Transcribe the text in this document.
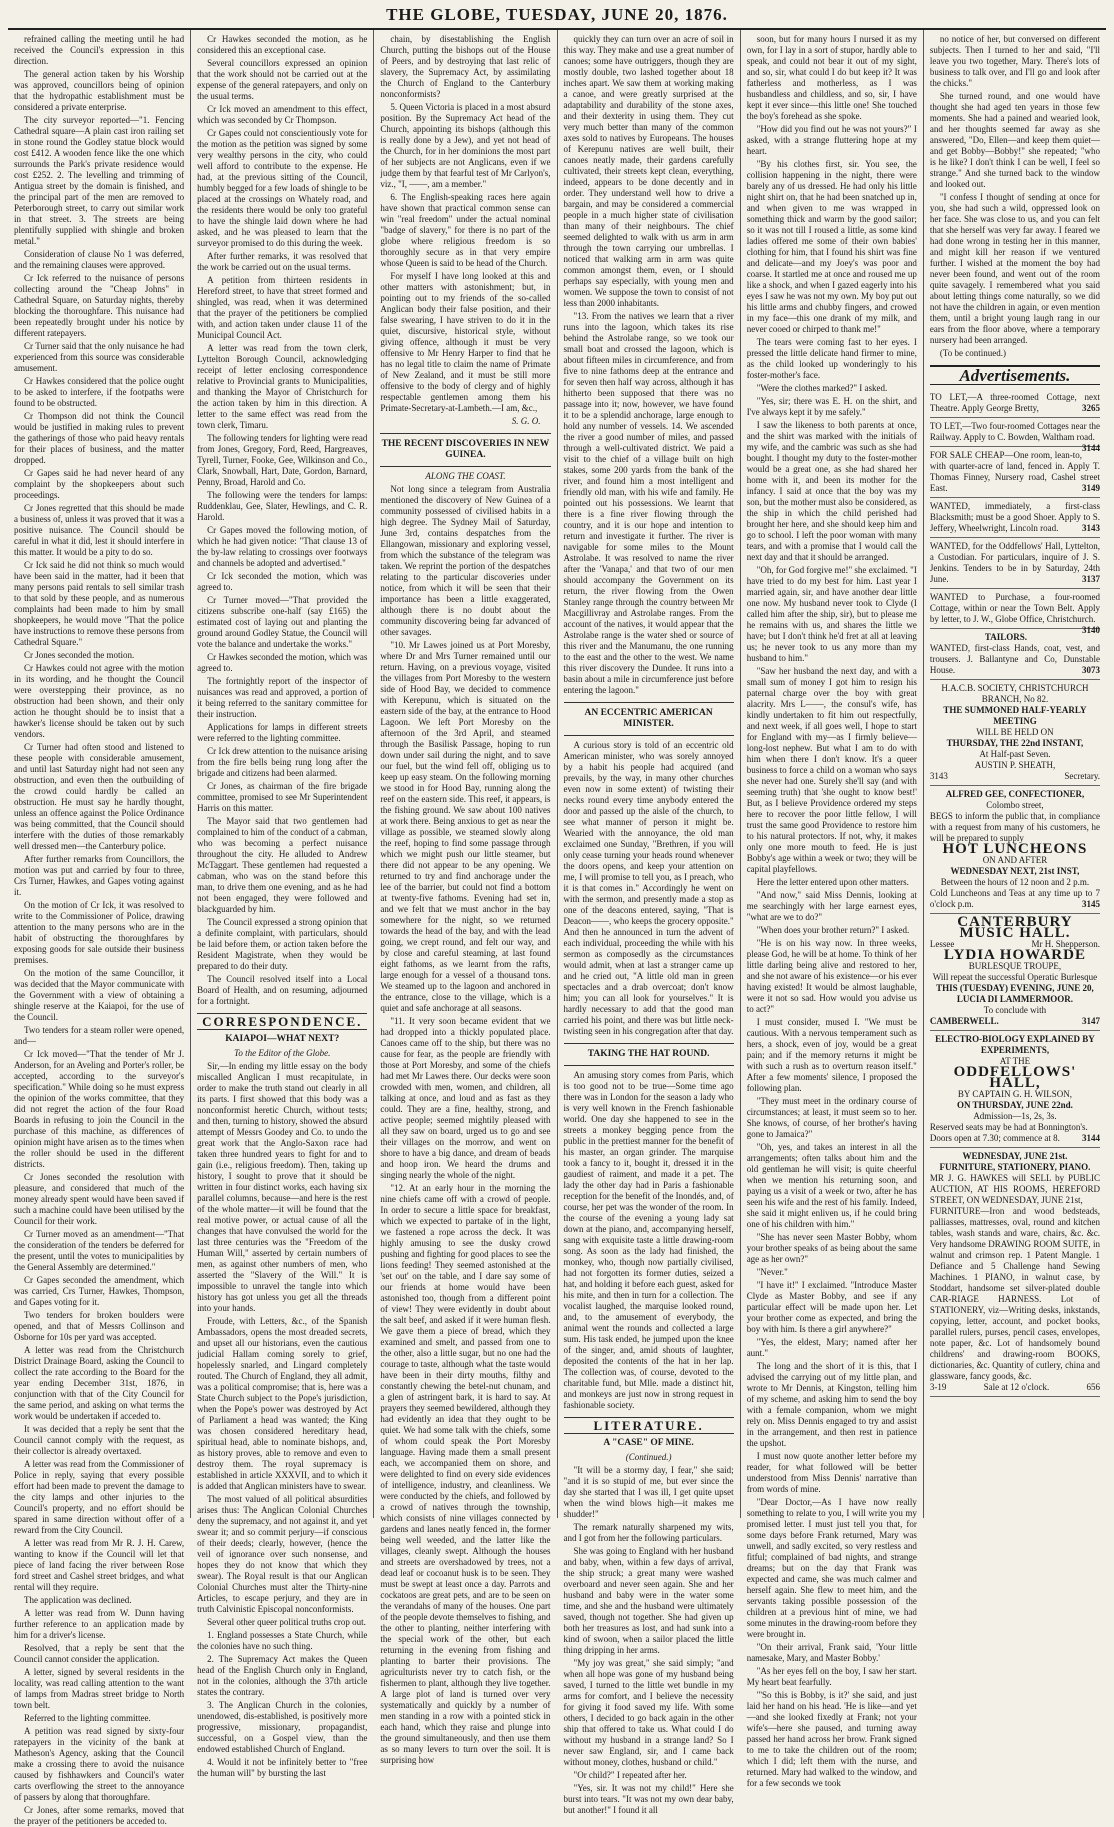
THE GLOBE, TUESDAY, JUNE 20, 1876.

refrained calling the meeting until he had received the Council's expression in this direction.

The general action taken by his Worship was approved, councillors being of opinion that the hydropathic establishment must be considered a private enterprise.

The city surveyor reported—"1. Fencing Cathedral square—A plain cast iron railing set in stone round the Godley statue block would cost £412. A wooden fence like the one which surrounds the Park's private residence would cost £252. 2. The levelling and trimming of Antigua street by the domain is finished, and the principal part of the men are removed to Peterborough street, to carry out similar work in that street. 3. The streets are being plentifully supplied with shingle and broken metal."

Consideration of clause No 1 was deferred, and the remaining clauses were approved.

Cr Ick referred to the nuisance of persons collecting around the "Cheap Johns" in Cathedral Square, on Saturday nights, thereby blocking the thoroughfare. This nuisance had been repeatedly brought under his notice by different ratepayers.

Cr Turner said that the only nuisance he had experienced from this source was considerable amusement.

Cr Hawkes considered that the police ought to be asked to interfere, if the footpaths were found to be obstructed.

Cr Thompson did not think the Council would be justified in making rules to prevent the gatherings of those who paid heavy rentals for their places of business, and the matter dropped.

Cr Gapes said he had never heard of any complaint by the shopkeepers about such proceedings.

Cr Jones regretted that this should be made a business of, unless it was proved that it was a positive nuisance. The Council should be careful in what it did, lest it should interfere in this matter. It would be a pity to do so.

Cr Ick said he did not think so much would have been said in the matter, had it been that many persons paid rentals to sell similar trash to that sold by these people, and as numerous complaints had been made to him by small shopkeepers, he would move "That the police have instructions to remove these persons from Cathedral Square."

Cr Jones seconded the motion.

Cr Hawkes could not agree with the motion in its wording, and he thought the Council were overstepping their province, as no obstruction had been shown, and their only action he thought should be to insist that a hawker's license should be taken out by such vendors.

Cr Turner had often stood and listened to these people with considerable amusement, and until last Saturday night had not seen any obstruction, and even then the outbuilding of the crowd could hardly be called an obstruction. He must say he hardly thought, unless an offence against the Police Ordinance was being committed, that the Council should interfere with the duties of those remarkably well dressed men—the Canterbury police.

After further remarks from Councillors, the motion was put and carried by four to three, Crs Turner, Hawkes, and Gapes voting against it.

On the motion of Cr Ick, it was resolved to write to the Commissioner of Police, drawing attention to the many persons who are in the habit of obstructing the thoroughfares by exposing goods for sale outside their business premises.

On the motion of the same Councillor, it was decided that the Mayor communicate with the Government with a view of obtaining a shingle reserve at the Kaiapoi, for the use of the Council.

Two tenders for a steam roller were opened, and—

Cr Ick moved—"That the tender of Mr J. Anderson, for an Aveling and Porter's roller, be accepted, according to the surveyor's specification." While doing so he must express the opinion of the works committee, that they did not regret the action of the four Road Boards in refusing to join the Council in the purchase of this machine, as differences of opinion might have arisen as to the times when the roller should be used in the different districts.

Cr Jones seconded the resolution with pleasure, and considered that much of the money already spent would have been saved if such a machine could have been utilised by the Council for their work.

Cr Turner moved as an amendment—"That the consideration of the tenders be deferred for the present, until the votes to municipalities by the General Assembly are determined."

Cr Gapes seconded the amendment, which was carried, Crs Turner, Hawkes, Thompson, and Gapes voting for it.

Two tenders for broken boulders were opened, and that of Messrs Collinson and Osborne for 10s per yard was accepted.

A letter was read from the Christchurch District Drainage Board, asking the Council to collect the rate according to the Board for the year ending December 31st, 1876, in conjunction with that of the City Council for the same period, and asking on what terms the work would be undertaken if acceded to.

It was decided that a reply be sent that the Council cannot comply with the request, as their collector is already overtaxed.

A letter was read from the Commissioner of Police in reply, saying that every possible effort had been made to prevent the damage to the city lamps and other injuries to the Council's property, and no effort should be spared in same direction without offer of a reward from the City Council.

A letter was read from Mr R. J. H. Carew, wanting to know if the Council will let that piece of land facing the river between Rose ford street and Cashel street bridges, and what rental will they require.

The application was declined.

A letter was read from W. Dunn having further reference to an application made by him for a driver's license.

Resolved, that a reply be sent that the Council cannot consider the application.

A letter, signed by several residents in the locality, was read calling attention to the want of lamps from Madras street bridge to North town belt.

Referred to the lighting committee.

A petition was read signed by sixty-four ratepayers in the vicinity of the bank at Matheson's Agency, asking that the Council make a crossing there to avoid the nuisance caused by fishhawkers and Council's water carts overflowing the street to the annoyance of passers by along that thoroughfare.

Cr Jones, after some remarks, moved that the prayer of the petitioners be acceded to.

Cr Hawkes seconded the motion, as he considered this an exceptional case.

Several councillors expressed an opinion that the work should not be carried out at the expense of the general ratepayers, and only on the usual terms.

Cr Ick moved an amendment to this effect, which was seconded by Cr Thompson.

Cr Gapes could not conscientiously vote for the motion as the petition was signed by some very wealthy persons in the city, who could well afford to contribute to the expense. He had, at the previous sitting of the Council, humbly begged for a few loads of shingle to be placed at the crossings on Whately road, and the residents there would be only too grateful to have the shingle laid down where he had asked, and he was pleased to learn that the surveyor promised to do this during the week.

After further remarks, it was resolved that the work be carried out on the usual terms.

A petition from thirteen residents in Hereford street, to have that street formed and shingled, was read, when it was determined that the prayer of the petitioners be complied with, and action taken under clause 11 of the Municipal Council Act.

A letter was read from the town clerk, Lyttelton Borough Council, acknowledging receipt of letter enclosing correspondence relative to Provincial grants to Municipalities, and thanking the Mayor of Christchurch for the action taken by him in this direction. A letter to the same effect was read from the town clerk, Timaru.

The following tenders for lighting were read from Jones, Gregory, Ford, Reed, Hargreaves, Tyrell, Turner, Fooke, Gee, Wilkinson and Co., Clark, Snowball, Hart, Date, Gordon, Barnard, Penny, Broad, Harold and Co.

The following were the tenders for lamps: Ruddenklau, Gee, Slater, Hewlings, and C. R. Harold.

Cr Gapes moved the following motion, of which he had given notice: "That clause 13 of the by-law relating to crossings over footways and channels be adopted and advertised."

Cr Ick seconded the motion, which was agreed to.

Cr Turner moved—"That provided the citizens subscribe one-half (say £165) the estimated cost of laying out and planting the ground around Godley Statue, the Council will vote the balance and undertake the works."

Cr Hawkes seconded the motion, which was agreed to.

The fortnightly report of the inspector of nuisances was read and approved, a portion of it being referred to the sanitary committee for their instruction.

Applications for lamps in different streets were referred to the lighting committee.

Cr Ick drew attention to the nuisance arising from the fire bells being rung long after the brigade and citizens had been alarmed.

Cr Jones, as chairman of the fire brigade committee, promised to see Mr Superintendent Harris on this matter.

The Mayor said that two gentlemen had complained to him of the conduct of a cabman, who was becoming a perfect nuisance throughout the city. He alluded to Andrew McTaggart. These gentlemen had requested a cabman, who was on the stand before this man, to drive them one evening, and as he had not been engaged, they were followed and blackguarded by him.

The Council expressed a strong opinion that a definite complaint, with particulars, should be laid before them, or action taken before the Resident Magistrate, when they would be prepared to do their duty.

The Council resolved itself into a Local Board of Health, and on resuming, adjourned for a fortnight.

CORRESPONDENCE.
KAIAPOI—WHAT NEXT?
To the Editor of the Globe.

Sir,—In ending my little essay on the body miscalled Anglican I must recapitulate, in order to make the truth stand out clearly in all its parts. I first showed that this body was a nonconformist heretic Church, without tests; and then, turning to history, showed the absurd attempt of Messrs Goodey and Co. to undo the great work that the Anglo-Saxon race had taken three hundred years to fight for and to gain (i.e., religious freedom). Then, taking up history, I sought to prove that it should be written in four distinct works, each having six parallel columns, because—and here is the rest of the whole matter—it will be found that the real motive power, or actual cause of all the changes that have convulsed the world for the last three centuries was the "Freedom of the Human Will," asserted by certain numbers of men, as against other numbers of men, who asserted the "Slavery of the Will." It is impossible to unravel the tangle into which history has got unless you get all the threads into your hands.

Froude, with Letters, &c., of the Spanish Ambassadors, opens the most dreaded secrets, and upset all our historians, even the cautious judicial Hallam coming sorely to grief, hopelessly snarled, and Lingard completely routed. The Church of England, they all admit, was a political compromise; that is, here was a State Church subject to the Pope's jurisdiction, when the Pope's power was destroyed by Act of Parliament a head was wanted; the King was chosen considered hereditary head, spiritual head, able to nominate bishops, and, as history proves, able to remove and even to destroy them. The royal supremacy is established in article XXXVII, and to which it is added that Anglican ministers have to swear.

The most valued of all political absurdities arises thus: The Anglican Colonial Churches deny the supremacy, and not against it, and yet swear it; and so commit perjury—if conscious of their deeds; clearly, however, (hence the veil of ignorance over such nonsense, and hopes they do not know that which they swear). The Royal result is that our Anglican Colonial Churches must alter the Thirty-nine Articles, to escape perjury, and they are in truth Calvinistic Episcopal nonconformists.

Several other queer political truths crop out.

1. England possesses a State Church, while the colonies have no such thing.

2. The Supremacy Act makes the Queen head of the English Church only in England, not in the colonies, although the 37th article states the contrary.

3. The Anglican Church in the colonies, unendowed, dis-established, is positively more progressive, missionary, propagandist, successful, on a Gospel view, than the endowed established Church of England.

4. Would it not be infinitely better to "free the human will" by bursting the last

chain, by disestablishing the English Church, putting the bishops out of the House of Peers, and by destroying that last relic of slavery, the Supremacy Act, by assimilating the Church of England to the Canterbury nonconformists?

5. Queen Victoria is placed in a most absurd position. By the Supremacy Act head of the Church, appointing its bishops (although this is really done by a Jew), and yet not head of the Church, for in her dominions the most part of her subjects are not Anglicans, even if we judge them by that fearful test of Mr Carlyon's, viz., "I, ——, am a member."

6. The English-speaking races here again have shown that practical common sense can win "real freedom" under the actual nominal "badge of slavery," for there is no part of the globe where religious freedom is so thoroughly secure as in that very empire whose Queen is said to be head of the Church.

For myself I have long looked at this and other matters with astonishment; but, in pointing out to my friends of the so-called Anglican body their false position, and their false swearing, I have striven to do it in the quiet, discursive, historical style, without giving offence, although it must be very offensive to Mr Henry Harper to find that he has no legal title to claim the name of Primate of New Zealand, and it must be still more offensive to the body of clergy and of highly respectable gentlemen among them his Primate-Secretary-at-Lambeth.—I am, &c.,

S. G. O.
THE RECENT DISCOVERIES IN NEW GUINEA.
ALONG THE COAST.

Not long since a telegram from Australia mentioned the discovery of New Guinea of a community possessed of civilised habits in a high degree. The Sydney Mail of Saturday, June 3rd, contains despatches from the Ellangowan, missionary and exploring vessel, from which the substance of the telegram was taken. We reprint the portion of the despatches relating to the particular discoveries under notice, from which it will be seen that their importance has been a little exaggerated, although there is no doubt about the community discovering being far advanced of other savages.

"10. Mr Lawes joined us at Port Moresby, where Dr and Mrs Turner remained until our return. Having, on a previous voyage, visited the villages from Port Moresby to the western side of Hood Bay, we decided to commence with Kerepunu, which is situated on the eastern side of the bay, at the entrance to Hood Lagoon. We left Port Moresby on the afternoon of the 3rd April, and steamed through the Basilisk Passage, hoping to run down under sail during the night, and to save our fuel, but the wind fell off, obliging us to keep up easy steam. On the following morning we stood in for Hood Bay, running along the reef on the eastern side. This reef, it appears, is the fishing ground. We saw about 100 natives at work there. Being anxious to get as near the village as possible, we steamed slowly along the reef, hoping to find some passage through which we might push our little steamer, but there did not appear to be any opening. We returned to try and find anchorage under the lee of the barrier, but could not find a bottom at twenty-five fathoms. Evening had set in, and we felt that we must anchor in the bay somewhere for the night, so we returned towards the head of the bay, and with the lead going, we crept round, and felt our way, and by close and careful steaming, at last found eight fathoms, as we learnt from the rafts, large enough for a vessel of a thousand tons. We steamed up to the lagoon and anchored in the entrance, close to the village, which is a quiet and safe anchorage at all seasons.

"11. It very soon became evident that we had dropped into a thickly populated place. Canoes came off to the ship, but there was no cause for fear, as the people are friendly with those at Port Moresby, and some of the chiefs had met Mr Lawes there. Our decks were soon crowded with men, women, and children, all talking at once, and loud and as fast as they could. They are a fine, healthy, strong, and active people; seemed mightily pleased with all they saw on board, urged us to go and see their villages on the morrow, and went on shore to have a big dance, and dream of beads and hoop iron. We heard the drums and singing nearly the whole of the night.

"12. At an early hour in the morning the nine chiefs came off with a crowd of people. In order to secure a little space for breakfast, which we expected to partake of in the light, we fastened a rope across the deck. It was highly amusing to see the dusky crowd pushing and fighting for good places to see the lions feeding! They seemed astonished at the 'set out' on the table, and I dare say some of our friends at home would have been astonished too, though from a different point of view! They were evidently in doubt about the salt beef, and asked if it were human flesh. We gave them a piece of bread, which they examined and smelt, and passed from one to the other, also a little sugar, but no one had the courage to taste, although what the taste would have been in their dirty mouths, filthy and constantly chewing the betel-nut chunam, and a glen of astringent bark, it is hard to say. At prayers they seemed bewildered, although they had evidently an idea that they ought to be quiet. We had some talk with the chiefs, some of whom could speak the Port Moresby language. Having made them a small present each, we accompanied them on shore, and were delighted to find on every side evidences of intelligence, industry, and cleanliness. We were conducted by the chiefs, and followed by a crowd of natives through the township, which consists of nine villages connected by gardens and lanes neatly fenced in, the former being well weeded, and the latter like the villages, cleanly swept. Although the houses and streets are overshadowed by trees, not a dead leaf or cocoanut husk is to be seen. They must be swept at least once a day. Parrots and cockatoos are great pets, and are to be seen on the verandahs of many of the houses. One part of the people devote themselves to fishing, and the other to planting, neither interfering with the special work of the other, but each returning in the evening from fishing and planting to barter their provisions. The agriculturists never try to catch fish, or the fishermen to plant, although they live together. A large plot of land is turned over very systematically and quickly by a number of men standing in a row with a pointed stick in each hand, which they raise and plunge into the ground simultaneously, and then use them as so many levers to turn over the soil. It is surprising how

quickly they can turn over an acre of soil in this way. They make and use a great number of canoes; some have outriggers, though they are mostly double, two lashed together about 18 inches apart. We saw them at working making a canoe, and were greatly surprised at the adaptability and durability of the stone axes, and their dexterity in using them. They cut very much better than many of the common axes sold to natives by Europeans. The houses of Kerepunu natives are well built, their canoes neatly made, their gardens carefully cultivated, their streets kept clean, everything, indeed, appears to be done decently and in order. They understand well how to drive a bargain, and may be considered a commercial people in a much higher state of civilisation than many of their neighbours. The chief seemed delighted to walk with us arm in arm through the town carrying our umbrellas. I noticed that walking arm in arm was quite common amongst them, even, or I should perhaps say especially, with young men and women. We suppose the town to consist of not less than 2000 inhabitants.

"13. From the natives we learn that a river runs into the lagoon, which takes its rise behind the Astrolabe range, so we took our small boat and crossed the lagoon, which is about fifteen miles in circumference, and from five to nine fathoms deep at the entrance and for seven then half way across, although it has hitherto been supposed that there was no passage into it; now, however, we have found it to be a splendid anchorage, large enough to hold any number of vessels. 14. We ascended the river a good number of miles, and passed through a well-cultivated district. We paid a visit to the chief of a village built on high stakes, some 200 yards from the bank of the river, and found him a most intelligent and friendly old man, with his wife and family. He pointed out his possessions. We learnt that there is a fine river flowing through the country, and it is our hope and intention to return and investigate it further. The river is navigable for some miles to the Mount Astrolabe. It was resolved to name the river after the 'Vanapa,' and that two of our men should accompany the Government on its return, the river flowing from the Owen Stanley range through the country between Mr Macgillivray and Astrolabe ranges. From the account of the natives, it would appear that the Astrolabe range is the water shed or source of this river and the Manumanu, the one running to the east and the other to the west. We name this river discovery the Dundee. It runs into a basin about a mile in circumference just before entering the lagoon."

AN ECCENTRIC AMERICAN MINISTER.

A curious story is told of an eccentric old American minister, who was sorely annoyed by a habit his people had acquired (and prevails, by the way, in many other churches even now in some extent) of twisting their necks round every time anybody entered the door and passed up the aisle of the church, to see what manner of person it might be. Wearied with the annoyance, the old man exclaimed one Sunday, "Brethren, if you will only cease turning your heads round whenever the doors opens, and keep your attention on me, I will promise to tell you, as I preach, who it is that comes in." Accordingly he went on with the sermon, and presently made a stop as one of the deacons entered, saying, "That is Deacon——, who keeps the grocery opposite." And then he announced in turn the advent of each individual, proceeding the while with his sermon as composedly as the circumstances would admit, when at last a stranger came up and he cried out, "A little old man in green spectacles and a drab overcoat; don't know him; you can all look for yourselves." It is hardly necessary to add that the good man carried his point, and there was but little neck-twisting seen in his congregation after that day.

TAKING THE HAT ROUND.

An amusing story comes from Paris, which is too good not to be true—Some time ago there was in London for the season a lady who is very well known in the French fashionable world. One day she happened to see in the streets a monkey begging pence from the public in the prettiest manner for the benefit of his master, an organ grinder. The marquise took a fancy to it, bought it, dressed it in the gaudiest of raiment, and made it a pet. The lady the other day had in Paris a fashionable reception for the benefit of the Inondés, and, of course, her pet was the wonder of the room. In the course of the evening a young lady sat down at the piano, and, accompanying herself, sang with exquisite taste a little drawing-room song. As soon as the lady had finished, the monkey, who, though now partially civilised, had not forgotten its former duties, seized a hat, and holding it before each guest, asked for his mite, and then in turn for a collection. The vocalist laughed, the marquise looked round, and, to the amusement of everybody, the animal went the rounds and collected a large sum. His task ended, he jumped upon the knee of the singer, and, amid shouts of laughter, deposited the contents of the hat in her lap. The collection was, of course, devoted to the charitable fund, but Mlle. made a distinct hit, and monkeys are just now in strong request in fashionable society.

LITERATURE.
A "CASE" OF MINE.
(Continued.)

"It will be a stormy day, I fear," she said; "and it is so stupid of me, but ever since the day she started that I was ill, I get quite upset when the wind blows high—it makes me shudder!"

The remark naturally sharpened my wits, and I got from her the following particulars.

She was going to England with her husband and baby, when, within a few days of arrival, the ship struck; a great many were washed overboard and never seen again. She and her husband and baby were in the water some time, and she and the husband were ultimately saved, though not together. She had given up both her treasures as lost, and had sunk into a kind of swoon, when a sailor placed the little thing dripping in her arms.

"My joy was great," she said simply; "and when all hope was gone of my husband being saved, I turned to the little wet bundle in my arms for comfort, and I believe the necessity for giving it food saved my life. With some others, I decided to go back again in the other ship that offered to take us. What could I do without my husband in a strange land? So I never saw England, sir, and I came back without money, clothes, husband or child."

"Or child?" I repeated after her.

"Yes, sir. It was not my child!" Here she burst into tears. "It was not my own dear baby, but another!" I found it all

soon, but for many hours I nursed it as my own, for I lay in a sort of stupor, hardly able to speak, and could not bear it out of my sight, and so, sir, what could I do but keep it? It was fatherless and motherless, as I was husbandless and childless, and so, sir, I have kept it ever since—this little one! She touched the boy's forehead as she spoke.

"How did you find out he was not yours?" I asked, with a strange fluttering hope at my heart.

"By his clothes first, sir. You see, the collision happening in the night, there were barely any of us dressed. He had only his little night shirt on, that he had been snatched up in, and when given to me was wrapped in something thick and warm by the good sailor; so it was not till I roused a little, as some kind ladies offered me some of their own babies' clothing for him, that I found his shirt was fine and delicate—and my Joey's was poor and coarse. It startled me at once and roused me up like a shock, and when I gazed eagerly into his eyes I saw he was not my own. My boy put out his little arms and chubby fingers, and crowed in my face—this one drank of my milk, and never cooed or chirped to thank me!"

The tears were coming fast to her eyes. I pressed the little delicate hand firmer to mine, as the child looked up wonderingly to his foster-mother's face.

"Were the clothes marked?" I asked.

"Yes, sir; there was E. H. on the shirt, and I've always kept it by me safely."

I saw the likeness to both parents at once, and the shirt was marked with the initials of my wife, and the cambric was such as she had bought. I thought my duty to the foster-mother would be a great one, as she had shared her home with it, and been its mother for the infancy. I said at once that the boy was my son, but the mother must also be considered, as the ship in which the child perished had brought her here, and she should keep him and go to school. I left the poor woman with many tears, and with a promise that I would call the next day and that it should be arranged.

"Oh, for God forgive me!" she exclaimed. "I have tried to do my best for him. Last year I married again, sir, and have another dear little one now. My husband never took to Clyde (I called him after the ship, sir), but to please me he remains with us, and shares the little we have; but I don't think he'd fret at all at leaving us; he never took to us any more than my husband to him."

"Saw her husband the next day, and with a small sum of money I got him to resign his paternal charge over the boy with great alacrity. Mrs L——, the consul's wife, has kindly undertaken to fit him out respectfully, and next week, if all goes well, I hope to start for England with my—as I firmly believe—long-lost nephew. But what I am to do with him when there I don't know. It's a queer business to force a child on a woman who says she never had one. Surely she'll say (and with seeming truth) that 'she ought to know best!' But, as I believe Providence ordered my steps here to recover the poor little fellow, I will trust the same good Providence to restore him to his natural protectors. If not, why, it makes only one more mouth to feed. He is just Bobby's age within a week or two; they will be capital playfellows.

Here the letter entered upon other matters.

"And now," said Miss Dennis, looking at me searchingly with her large earnest eyes, "what are we to do?"

"When does your brother return?" I asked.

"He is on his way now. In three weeks, please God, he will be at home. To think of her little darling being alive and restored to her, and she not aware of his existence—or his ever having existed! It would be almost laughable, were it not so sad. How would you advise us to act?"

I must consider, mused I. "We must be cautious. With a nervous temperament such as hers, a shock, even of joy, would be a great pain; and if the memory returns it might be with such a rush as to overturn reason itself." After a few moments' silence, I proposed the following plan.

"They must meet in the ordinary course of circumstances; at least, it must seem so to her. She knows, of course, of her brother's having gone to Jamaica?"

"Oh, yes, and takes an interest in all the arrangements; often talks about him and the old gentleman he will visit; is quite cheerful when we mention his returning soon, and paying us a visit of a week or two, after he has seen his wife and the rest of his family. Indeed, she said it might enliven us, if he could bring one of his children with him."

"She has never seen Master Bobby, whom your brother speaks of as being about the same age as her own?"

"Never."

"I have it!" I exclaimed. "Introduce Master Clyde as Master Bobby, and see if any particular effect will be made upon her. Let your brother come as expected, and bring the boy with him. Is there a girl anywhere?"

"Yes, the eldest, Mary; named after her aunt."

The long and the short of it is this, that I advised the carrying out of my little plan, and wrote to Mr Dennis, at Kingston, telling him of my scheme, and asking him to send the boy with a female companion, whom we might rely on. Miss Dennis engaged to try and assist in the arrangement, and then rest in patience the upshot.

I must now quote another letter before my reader, for what followed will be better understood from Miss Dennis' narrative than from words of mine.

"Dear Doctor,—As I have now really something to relate to you, I will write you my promised letter. I must just tell you that, for some days before Frank returned, Mary was unwell, and sadly excited, so very restless and fitful; complained of bad nights, and strange dreams; but on the day that Frank was expected and came, she was much calmer and herself again. She flew to meet him, and the servants taking possible possession of the children at a previous hint of mine, we had some minutes in the drawing-room before they were brought in.

"On their arrival, Frank said, 'Your little namesake, Mary, and Master Bobby.'

"As her eyes fell on the boy, I saw her start. My heart beat fearfully.

"'So this is Bobby, is it?' she said, and just laid her hand on his head. 'He is like—and yet—and she looked fixedly at Frank; not your wife's—here she paused, and turning away passed her hand across her brow. Frank signed to me to take the children out of the room; which I did; left them with the nurse, and returned. Mary had walked to the window, and for a few seconds we took

no notice of her, but conversed on different subjects. Then I turned to her and said, "I'll leave you two together, Mary. There's lots of business to talk over, and I'll go and look after the chicks."

She turned round, and one would have thought she had aged ten years in those few moments. She had a pained and wearied look, and her thoughts seemed far away as she answered, "Do, Ellen—and keep them quiet—and get Bobby—Bobby!" she repeated; "who is he like? I don't think I can be well, I feel so strange." And she turned back to the window and looked out.

"I confess I thought of sending at once for you, she had such a wild, oppressed look on her face. She was close to us, and you can felt that she herself was very far away. I feared we had done wrong in testing her in this manner, and might kill her reason if we ventured further. I wished at the moment the boy had never been found, and went out of the room quite savagely. I remembered what you said about letting things come naturally, so we did not have the children in again, or even mention them, until a bright young laugh rang in our ears from the floor above, where a temporary nursery had been arranged.

(To be continued.)

Advertisements.
TO LET,—A three-roomed Cottage, next Theatre. Apply George Bretty,	3265
TO LET,—Two four-roomed Cottages near the Railway. Apply to C. Bowden, Waltham road.
3144
FOR SALE CHEAP—One room, lean-to, with quarter-acre of land, fenced in. Apply T. Thomas Finney, Nursery road, Cashel street East.	3149
WANTED, immediately, a first-class Blacksmith; must be a good Shoer. Apply to S. Jeffery, Wheelwright, Lincoln road.	3143
WANTED, for the Oddfellows' Hall, Lyttelton, a Custodian. For particulars, inquire of J. S. Jenkins. Tenders to be in by Saturday, 24th June.	3137
WANTED to Purchase, a four-roomed Cottage, within or near the Town Belt. Apply by letter, to J. W., Globe Office, Christchurch.
3140
TAILORS.
WANTED, first-class Hands, coat, vest, and trousers. J. Ballantyne and Co, Dunstable House.	3073
H.A.C.B. SOCIETY, CHRISTCHURCH BRANCH, No 82.
THE SUMMONED HALF-YEARLY MEETING
WILL BE HELD ON
THURSDAY, THE 22nd INSTANT,
At Half-past Seven.
AUSTIN P. SHEATH,
3143	Secretary.
ALFRED GEE, CONFECTIONER,
Colombo street,
BEGS to inform the public that, in compliance with a request from many of his customers, he will be prepared to supply
HOT LUNCHEONS
ON AND AFTER
WEDNESDAY NEXT, 21st INST,
Between the hours of 12 noon and 2 p.m.
Cold Luncheons and Teas at any time up to 7 o'clock p.m.	3145
CANTERBURY MUSIC HALL.
Lessee	Mr H. Shepperson.
LYDIA HOWARDE
BURLESQUE TROUPE,
Will repeat the successful Operatic Burlesque
THIS (TUESDAY) EVENING, JUNE 20,
LUCIA DI LAMMERMOOR.
To conclude with
CAMBERWELL.	3147
ELECTRO-BIOLOGY EXPLAINED BY EXPERIMENTS,
AT THE
ODDFELLOWS' HALL,
BY CAPTAIN G. H. WILSON,
ON THURSDAY, JUNE 22nd.
Admission—1s, 2s, 3s.
Reserved seats may be had at Bonnington's.
Doors open at 7.30; commence at 8. 3144
WEDNESDAY, JUNE 21st.
FURNITURE, STATIONERY, PIANO.
MR J. G. HAWKES will SELL by PUBLIC AUCTION, AT HIS ROOMS, HEREFORD STREET, ON WEDNESDAY, JUNE 21st,
FURNITURE—Iron and wood bedsteads, palliasses, mattresses, oval, round and kitchen tables, wash stands and ware, chairs, &c. &c. Very handsome DRAWING ROOM SUITE, in walnut and crimson rep. 1 Patent Mangle. 1 Defiance and 5 Challenge hand Sewing Machines. 1 PIANO, in walnut case, by Stoddart, handsome set silver-plated double CAR-RIAGE HARNESS. Lot of STATIONERY, viz—Writing desks, inkstands, copying, letter, account, and pocket books, parallel rulers, purses, pencil cases, envelopes, note paper, &c. Lot of handsomely bound childrens' and drawing-room BOOKS, dictionaries, &c. Quantity of cutlery, china and glassware, fancy goods, &c.
3-19	Sale at 12 o'clock.	656
